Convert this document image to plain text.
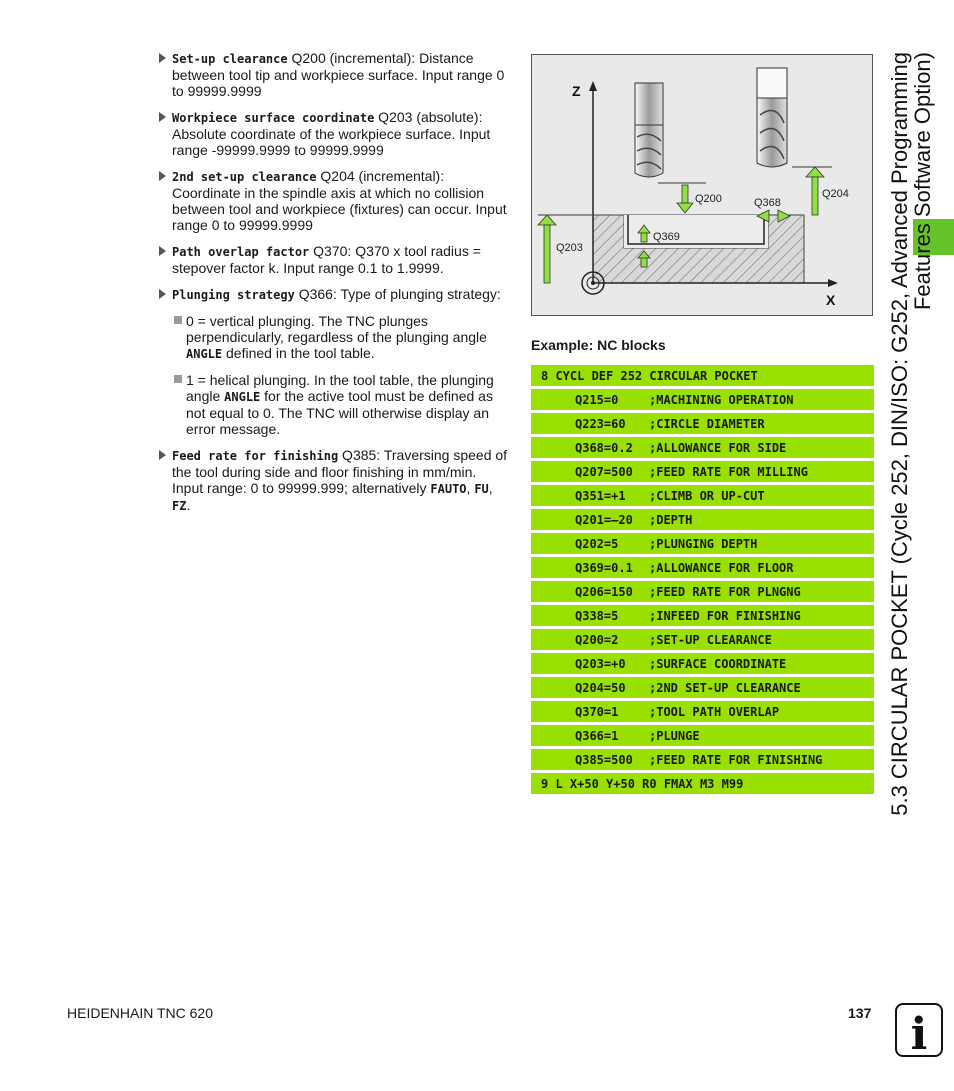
Set-up clearance Q200 (incremental): Distance between tool tip and workpiece surface. Input range 0 to 99999.9999
Workpiece surface coordinate Q203 (absolute): Absolute coordinate of the workpiece surface. Input range -99999.9999 to 99999.9999
2nd set-up clearance Q204 (incremental): Coordinate in the spindle axis at which no collision between tool and workpiece (fixtures) can occur. Input range 0 to 99999.9999
Path overlap factor Q370: Q370 x tool radius = stepover factor k. Input range 0.1 to 1.9999.
Plunging strategy Q366: Type of plunging strategy:
0 = vertical plunging. The TNC plunges perpendicularly, regardless of the plunging angle ANGLE defined in the tool table.
1 = helical plunging. In the tool table, the plunging angle ANGLE for the active tool must be defined as not equal to 0. The TNC will otherwise display an error message.
Feed rate for finishing Q385: Traversing speed of the tool during side and floor finishing in mm/min. Input range: 0 to 99999.999; alternatively FAUTO, FU, FZ.
Z
X
Q200	Q368
Q204
Q369
Q203
Example: NC blocks
8 CYCL DEF 252 CIRCULAR POCKET
Q215=0	;MACHINING OPERATION
Q223=60 ;CIRCLE DIAMETER
Q368=0.2 ;ALLOWANCE FOR SIDE
Q207=500 ;FEED RATE FOR MILLING
Q351=+1 ;CLIMB OR UP-CUT
Q201=–20 ;DEPTH
Q202=5	;PLUNGING DEPTH
Q369=0.1 ;ALLOWANCE FOR FLOOR
Q206=150 ;FEED RATE FOR PLNGNG
Q338=5	;INFEED FOR FINISHING
Q200=2	;SET-UP CLEARANCE
Q203=+0 ;SURFACE COORDINATE
Q204=50 ;2ND SET-UP CLEARANCE
Q370=1	;TOOL PATH OVERLAP
Q366=1	;PLUNGE
Q385=500 ;FEED RATE FOR FINISHING
9 L X+50 Y+50 R0 FMAX M3 M99	5.3 CIRCULAR POCKET (Cycle 252, DIN/ISO: G252, Advanced Programming
Features Software Option)
HEIDENHAIN TNC 620	137 i
